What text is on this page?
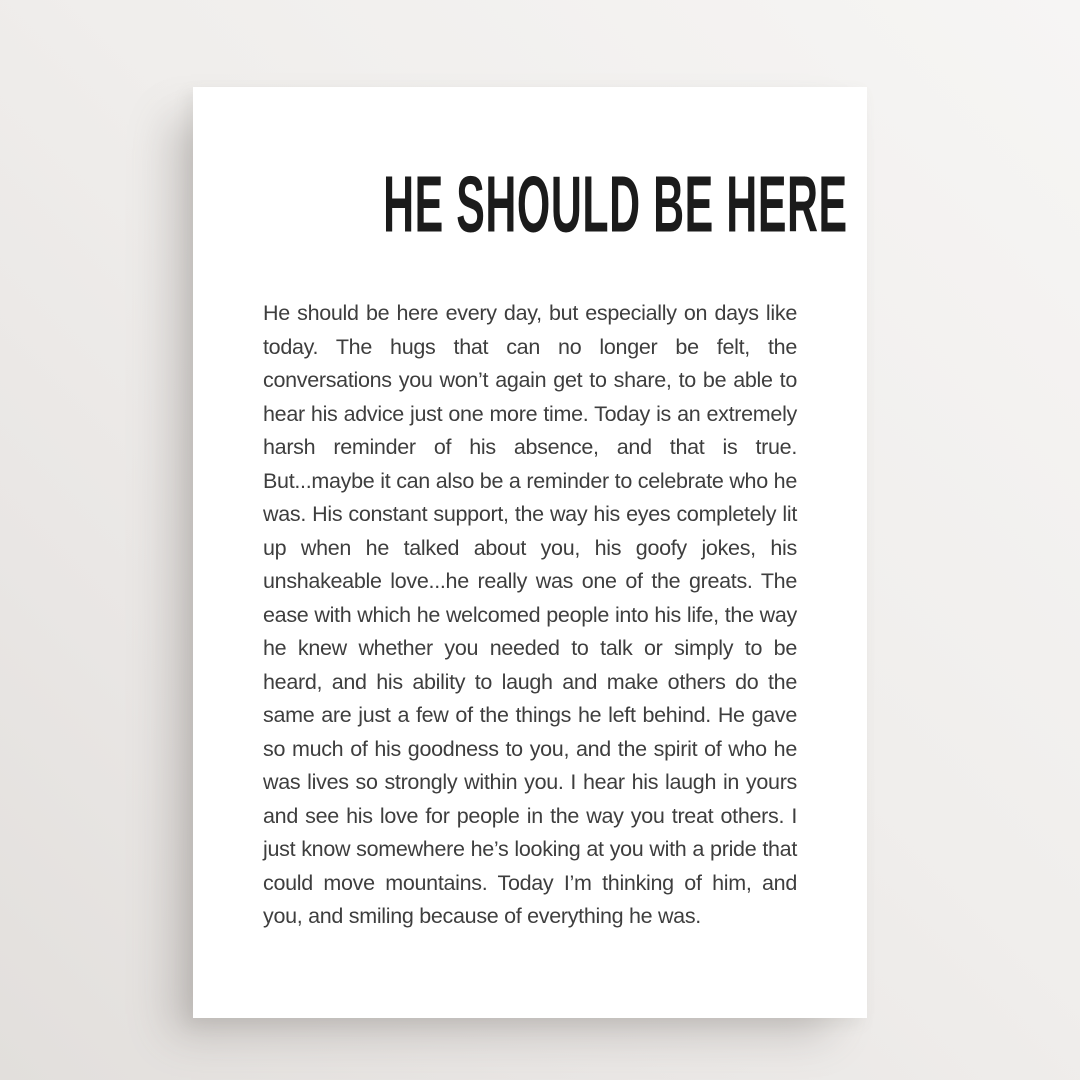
HE SHOULD BE HERE

He should be here every day, but especially on days like today. The hugs that can no longer be felt, the conversations you won’t again get to share, to be able to hear his advice just one more time. Today is an extremely harsh reminder of his absence, and that is true. But...maybe it can also be a reminder to celebrate who he was. His constant support, the way his eyes completely lit up when he talked about you, his goofy jokes, his unshakeable love...he really was one of the greats. The ease with which he welcomed people into his life, the way he knew whether you needed to talk or simply to be heard, and his ability to laugh and make others do the same are just a few of the things he left behind. He gave so much of his goodness to you, and the spirit of who he was lives so strongly within you. I hear his laugh in yours and see his love for people in the way you treat others. I just know somewhere he’s looking at you with a pride that could move mountains. Today I’m thinking of him, and you, and smiling because of everything he was.
